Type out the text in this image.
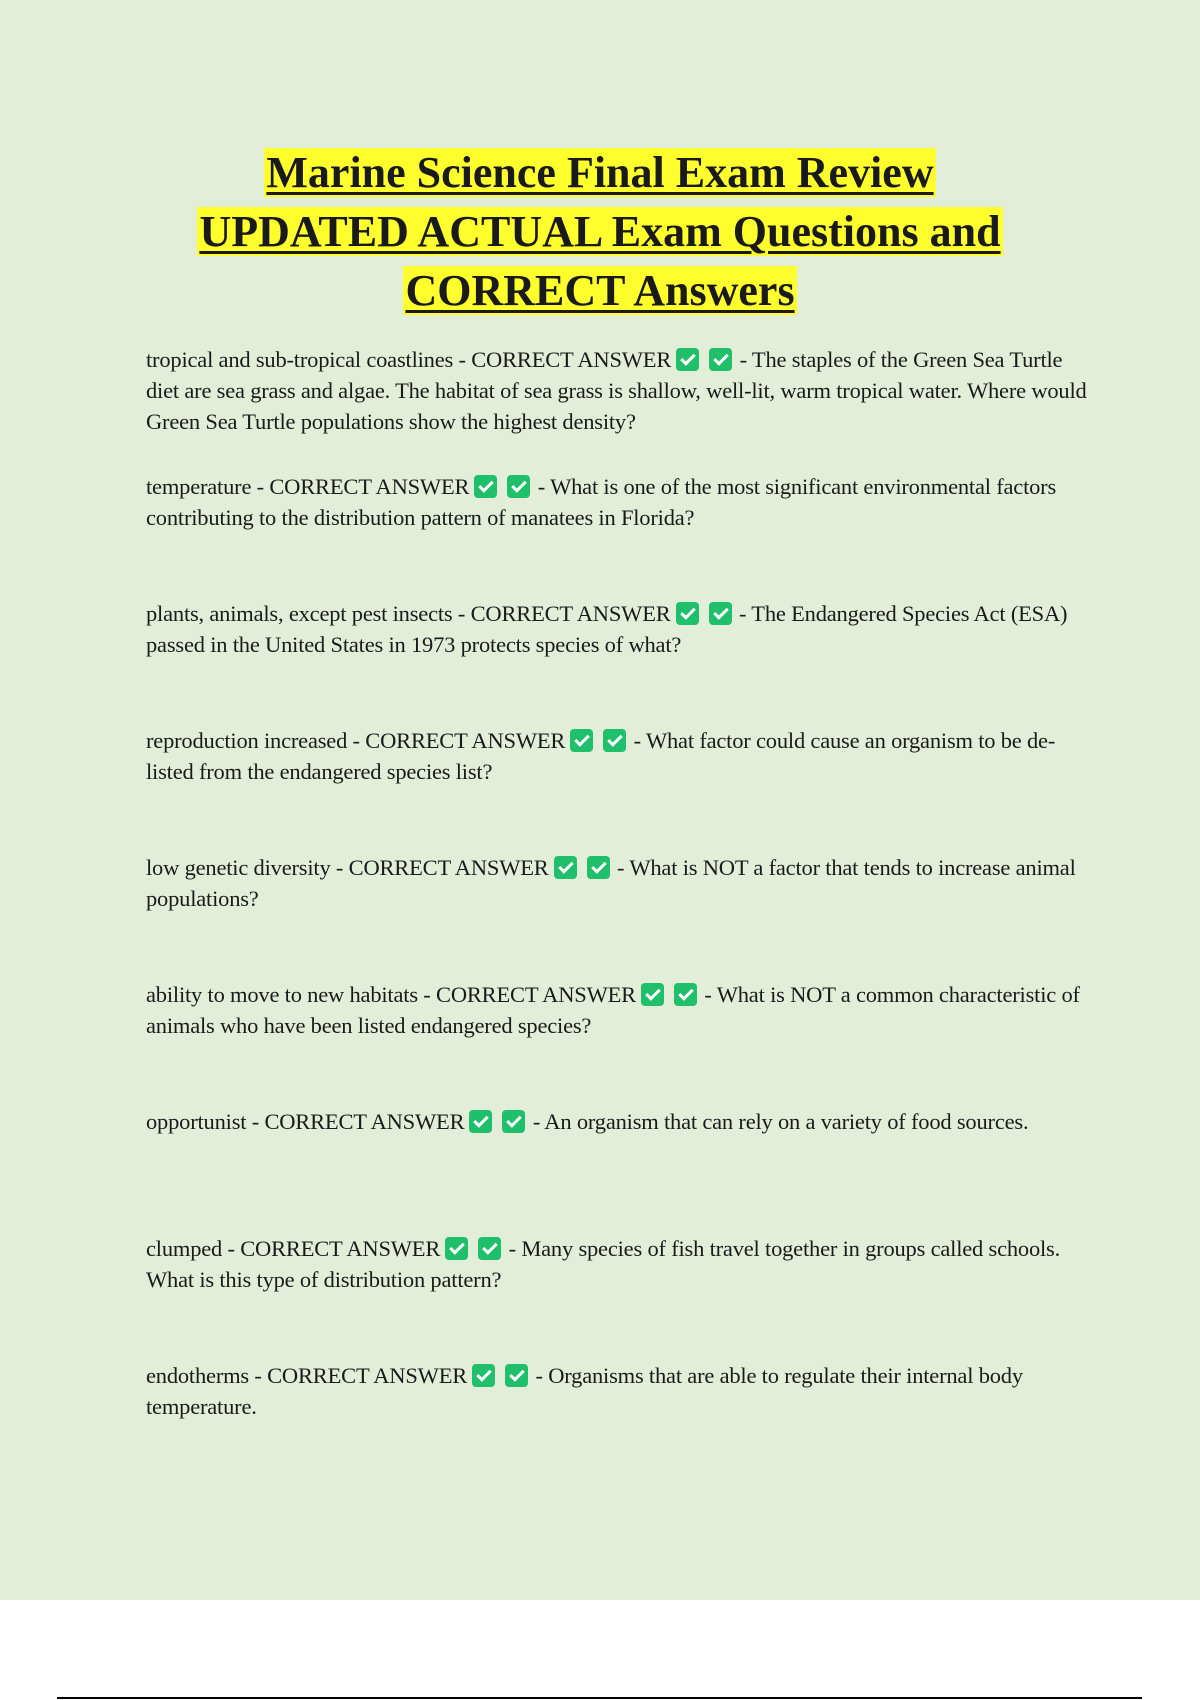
Marine Science Final Exam Review
UPDATED ACTUAL Exam Questions and
CORRECT Answers
tropical and sub-tropical coastlines - CORRECT ANSWER	- The staples of the Green Sea Turtle diet are sea grass and algae. The habitat of sea grass is shallow, well-lit, warm tropical water. Where would Green Sea Turtle populations show the highest density?
temperature - CORRECT ANSWER	- What is one of the most significant environmental factors contributing to the distribution pattern of manatees in Florida?
plants, animals, except pest insects - CORRECT ANSWER	- The Endangered Species Act (ESA) passed in the United States in 1973 protects species of what?
reproduction increased - CORRECT ANSWER	- What factor could cause an organism to be de-listed from the endangered species list?
low genetic diversity - CORRECT ANSWER	- What is NOT a factor that tends to increase animal populations?
ability to move to new habitats - CORRECT ANSWER	- What is NOT a common characteristic of animals who have been listed endangered species?
opportunist - CORRECT ANSWER	- An organism that can rely on a variety of food sources.
clumped - CORRECT ANSWER	- Many species of fish travel together in groups called schools. What is this type of distribution pattern?
endotherms - CORRECT ANSWER	- Organisms that are able to regulate their internal body temperature.
